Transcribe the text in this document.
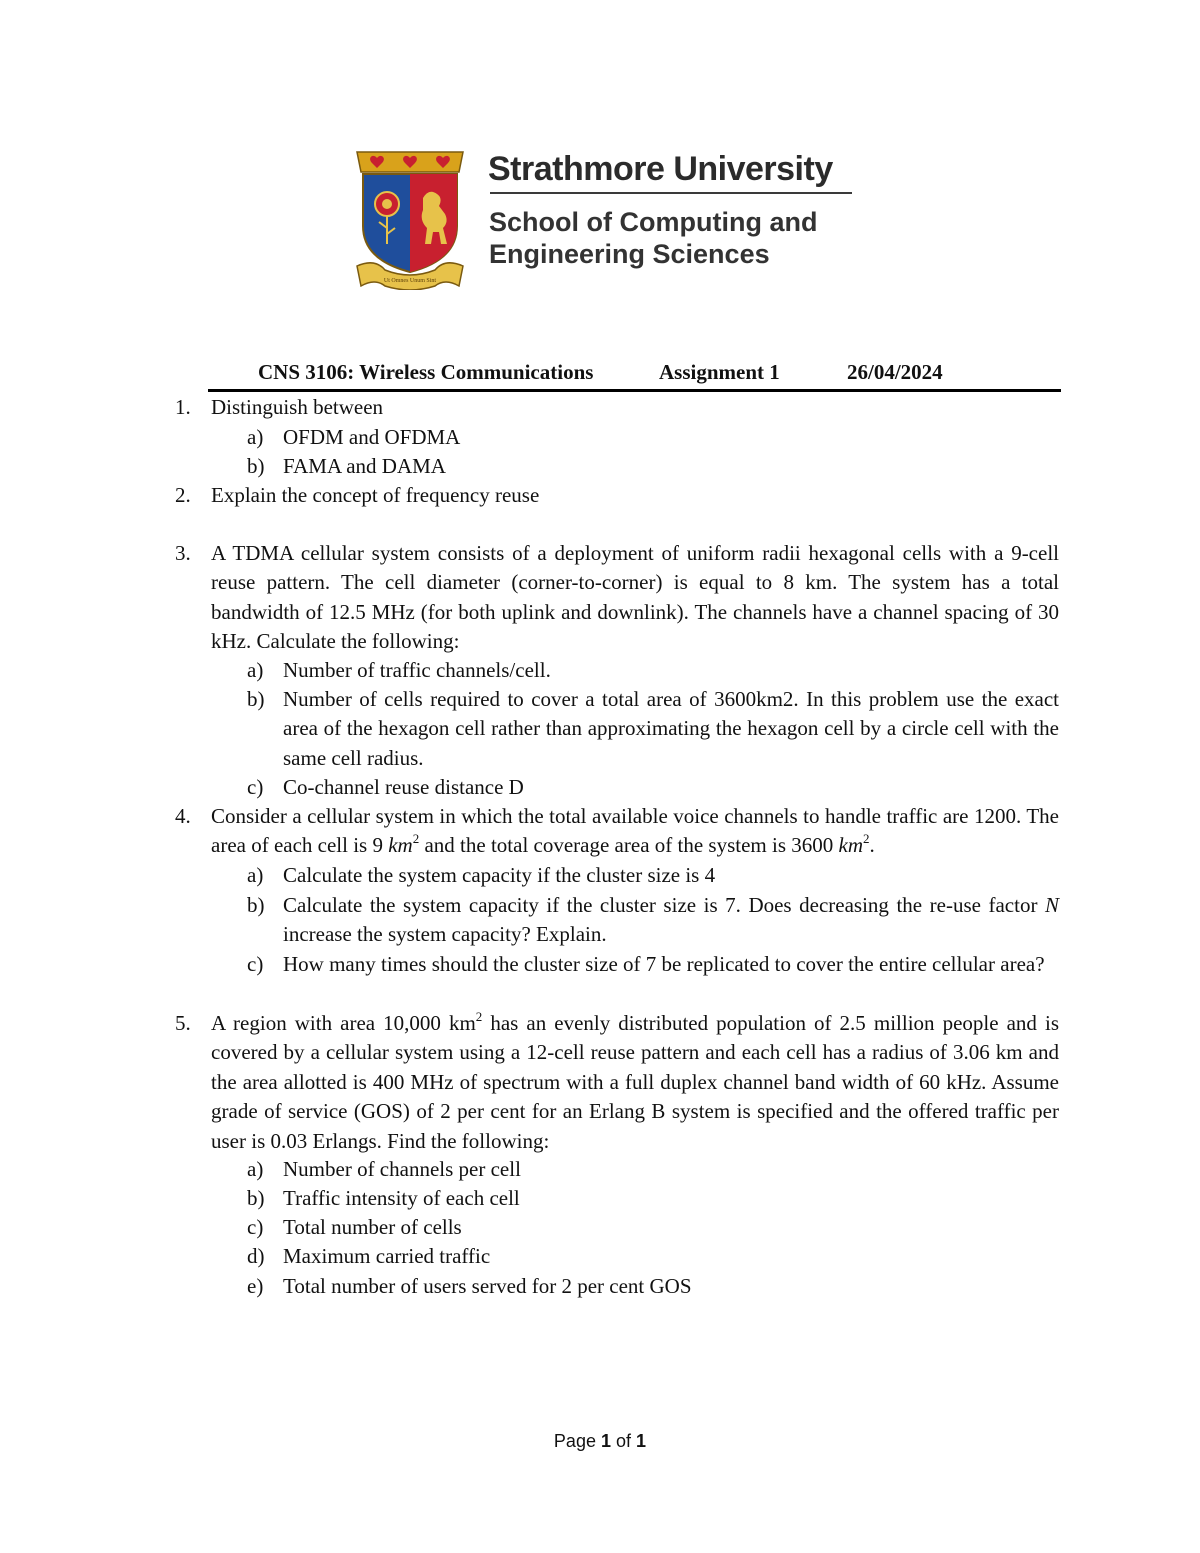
Ut Omnes Unum Sint
Strathmore University
School of Computing and
Engineering Sciences
CNS 3106: Wireless Communications	Assignment 1	26/04/2024
1. Distinguish between
a) OFDM and OFDMA
b) FAMA and DAMA
2. Explain the concept of frequency reuse
3. A TDMA cellular system consists of a deployment of uniform radii hexagonal cells with a 9-cell reuse pattern. The cell diameter (corner-to-corner) is equal to 8 km. The system has a total bandwidth of 12.5 MHz (for both uplink and downlink). The channels have a channel spacing of 30 kHz. Calculate the following:
a) Number of traffic channels/cell.
b) Number of cells required to cover a total area of 3600km2. In this problem use the exact area of the hexagon cell rather than approximating the hexagon cell by a circle cell with the same cell radius.
c) Co-channel reuse distance D
4. Consider a cellular system in which the total available voice channels to handle traffic are 1200. The area of each cell is 9 $km^2$ and the total coverage area of the system is 3600 $km^2$.
a) Calculate the system capacity if the cluster size is 4
b) Calculate the system capacity if the cluster size is 7. Does decreasing the re-use factor N increase the system capacity? Explain.
c) How many times should the cluster size of 7 be replicated to cover the entire cellular area?
5. A region with area 10,000 $km^2$ has an evenly distributed population of 2.5 million people and is covered by a cellular system using a 12-cell reuse pattern and each cell has a radius of 3.06 km and the area allotted is 400 MHz of spectrum with a full duplex channel band width of 60 kHz. Assume grade of service (GOS) of 2 per cent for an Erlang B system is specified and the offered traffic per user is 0.03 Erlangs. Find the following:
a) Number of channels per cell
b) Traffic intensity of each cell
c) Total number of cells
d) Maximum carried traffic
e) Total number of users served for 2 per cent GOS
Page 1 of 1
